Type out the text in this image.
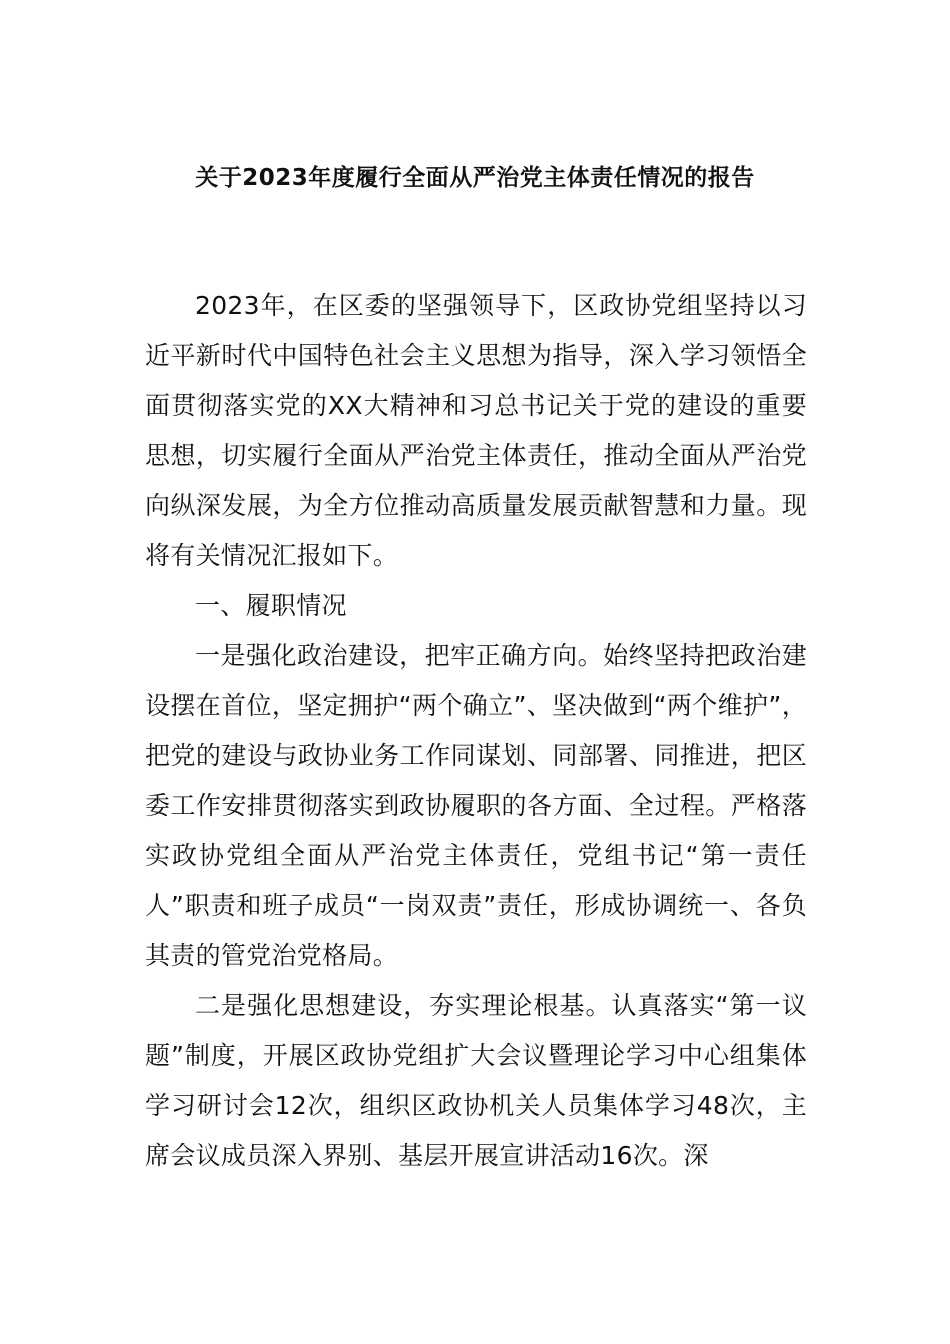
关于2023年度履行全面从严治党主体责任情况的报告

2023年，在区委的坚强领导下，区政协党组坚持以习近平新时代中国特色社会主义思想为指导，深入学习领悟全面贯彻落实党的XX大精神和习总书记关于党的建设的重要思想，切实履行全面从严治党主体责任，推动全面从严治党向纵深发展，为全方位推动高质量发展贡献智慧和力量。现将有关情况汇报如下。

一、履职情况

一是强化政治建设，把牢正确方向。始终坚持把政治建设摆在首位，坚定拥护“两个确立”、坚决做到“两个维护”，把党的建设与政协业务工作同谋划、同部署、同推进，把区委工作安排贯彻落实到政协履职的各方面、全过程。严格落实政协党组全面从严治党主体责任，党组书记“第一责任人”职责和班子成员“一岗双责”责任，形成协调统一、各负其责的管党治党格局。

二是强化思想建设，夯实理论根基。认真落实“第一议题”制度，开展区政协党组扩大会议暨理论学习中心组集体学习研讨会12次，组织区政协机关人员集体学习48次，主席会议成员深入界别、基层开展宣讲活动16次。深
